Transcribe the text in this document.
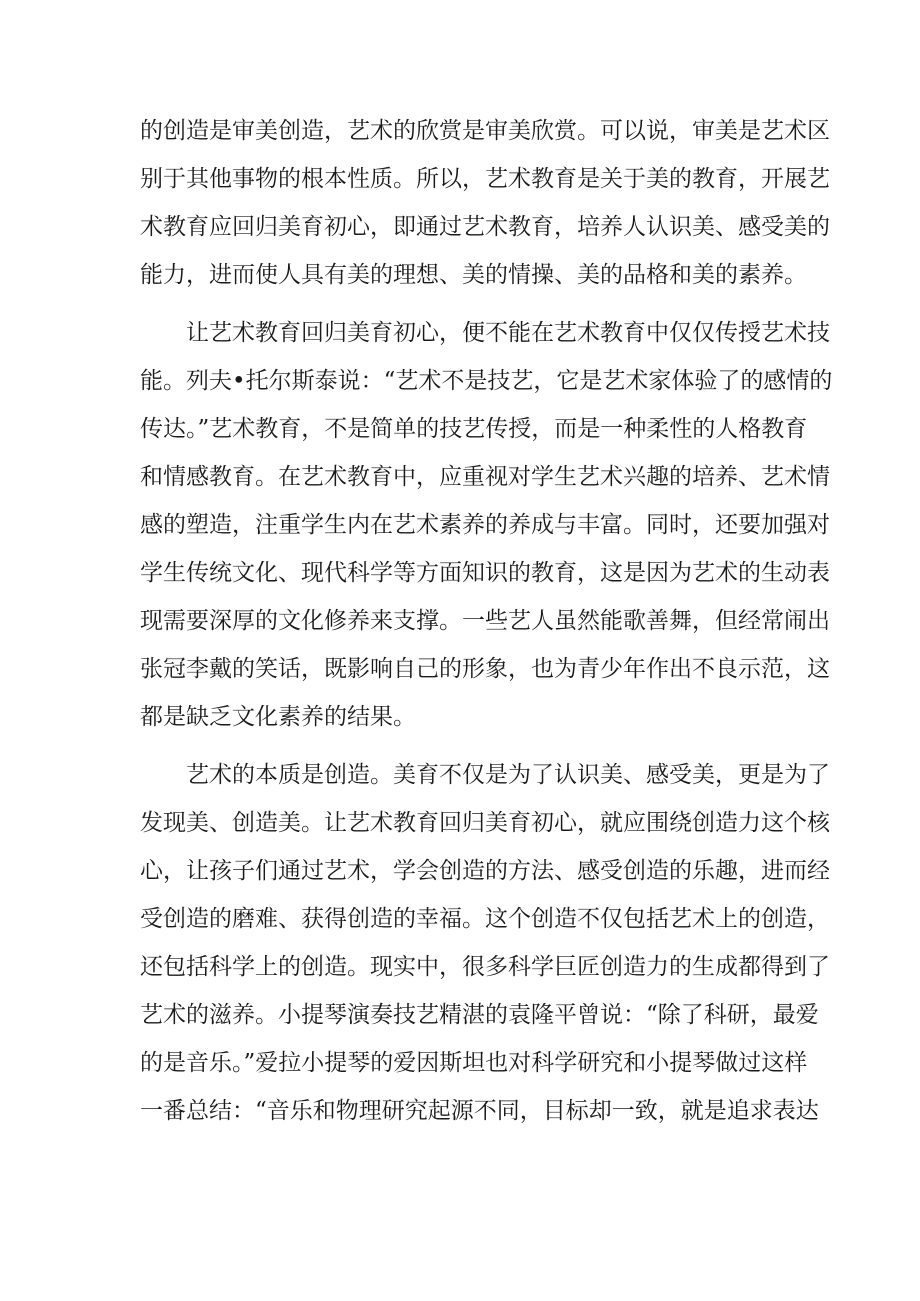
的创造是审美创造，艺术的欣赏是审美欣赏。可以说，审美是艺术区
别于其他事物的根本性质。所以，艺术教育是关于美的教育，开展艺
术教育应回归美育初心，即通过艺术教育，培养人认识美、感受美的
能力，进而使人具有美的理想、美的情操、美的品格和美的素养。
让艺术教育回归美育初心，便不能在艺术教育中仅仅传授艺术技
能。列夫•托尔斯泰说：“艺术不是技艺，它是艺术家体验了的感情的
传达。”艺术教育，不是简单的技艺传授，而是一种柔性的人格教育
和情感教育。在艺术教育中，应重视对学生艺术兴趣的培养、艺术情
感的塑造，注重学生内在艺术素养的养成与丰富。同时，还要加强对
学生传统文化、现代科学等方面知识的教育，这是因为艺术的生动表
现需要深厚的文化修养来支撑。一些艺人虽然能歌善舞，但经常闹出
张冠李戴的笑话，既影响自己的形象，也为青少年作出不良示范，这
都是缺乏文化素养的结果。
艺术的本质是创造。美育不仅是为了认识美、感受美，更是为了
发现美、创造美。让艺术教育回归美育初心，就应围绕创造力这个核
心，让孩子们通过艺术，学会创造的方法、感受创造的乐趣，进而经
受创造的磨难、获得创造的幸福。这个创造不仅包括艺术上的创造，
还包括科学上的创造。现实中，很多科学巨匠创造力的生成都得到了
艺术的滋养。小提琴演奏技艺精湛的袁隆平曾说：“除了科研，最爱
的是音乐。”爱拉小提琴的爱因斯坦也对科学研究和小提琴做过这样
一番总结：“音乐和物理研究起源不同，目标却一致，就是追求表达
